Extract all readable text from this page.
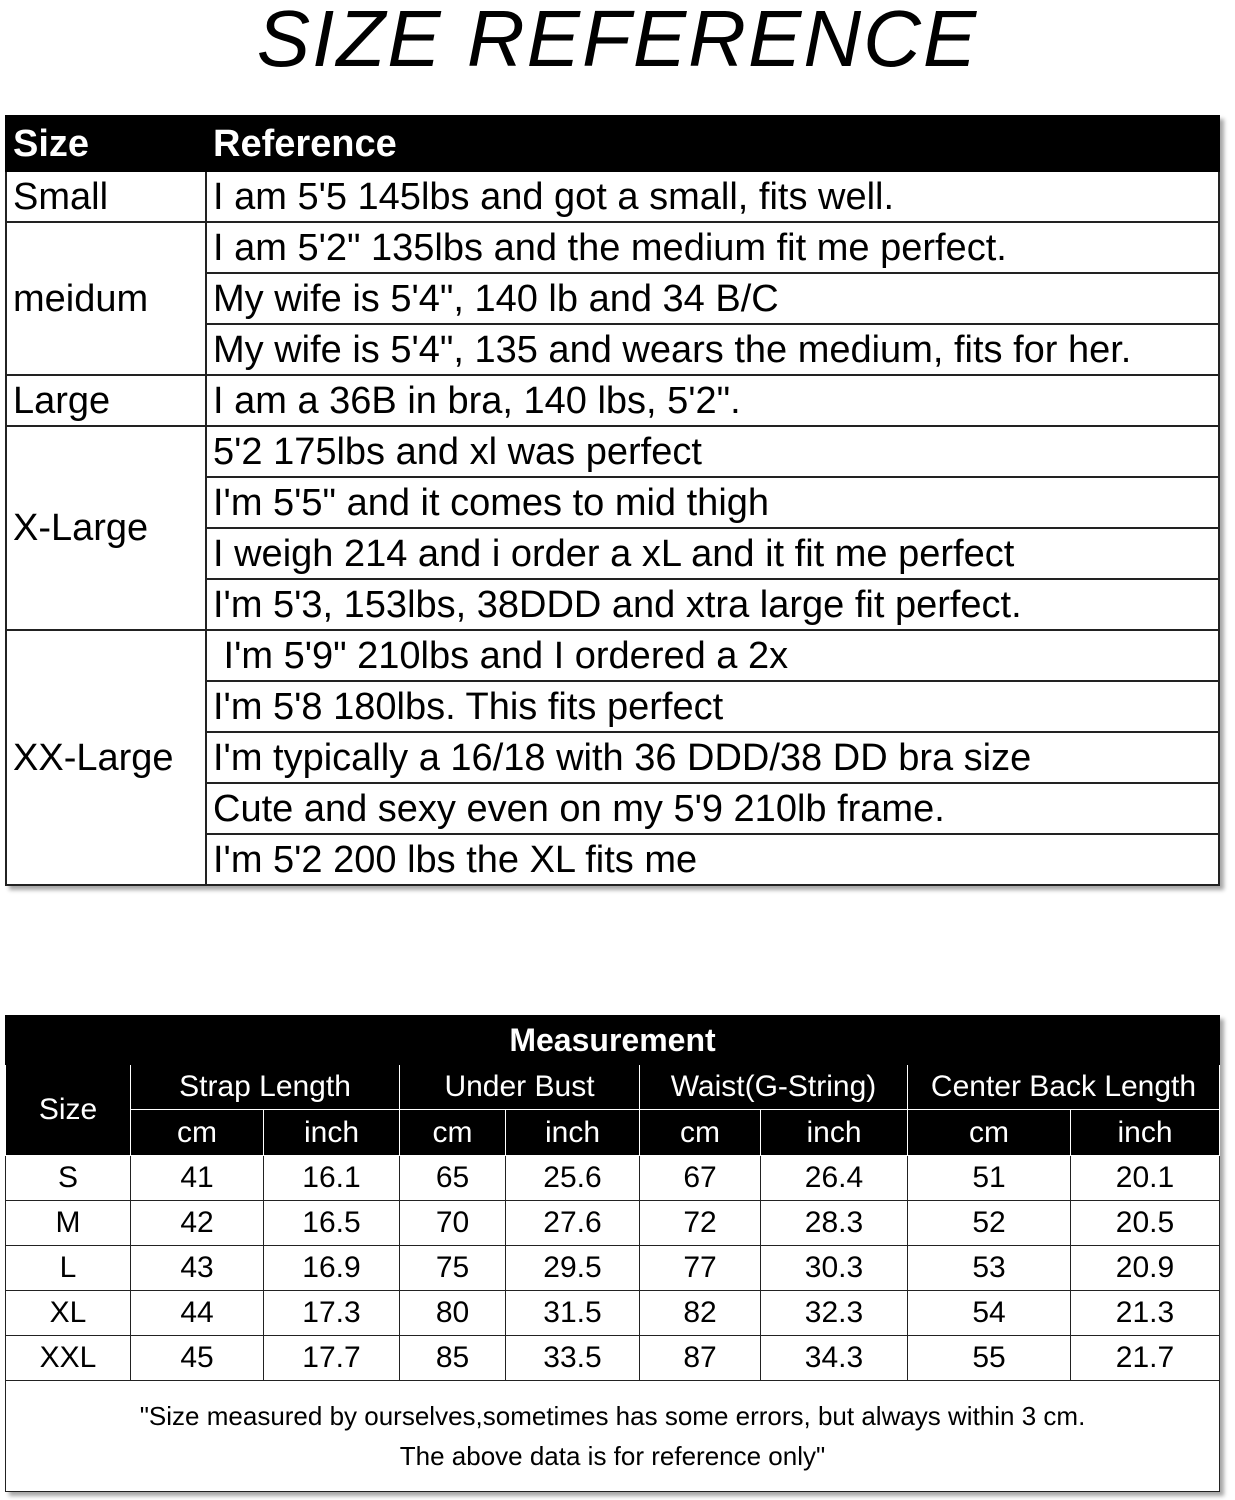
SIZE REFERENCE
Size	Reference
Small	I am 5'5 145lbs and got a small, fits well.
meidum	I am 5'2" 135lbs and the medium fit me perfect.
	My wife is 5'4", 140 lb and 34 B/C
	My wife is 5'4", 135 and wears the medium, fits for her.
Large	I am a 36B in bra, 140 lbs, 5'2".
X-Large	5'2 175lbs and xl was perfect
	I'm 5'5" and it comes to mid thigh
	I weigh 214 and i order a xL and it fit me perfect
	I'm 5'3, 153lbs, 38DDD and xtra large fit perfect.
XX-Large	I'm 5'9" 210lbs and I ordered a 2x
	I'm 5'8 180lbs. This fits perfect
	I'm typically a 16/18 with 36 DDD/38 DD bra size
	Cute and sexy even on my 5'9 210lb frame.
	I'm 5'2 200 lbs the XL fits me
Measurement								
Size	Strap Length		Under Bust		Waist(G-String)		Center Back Length	
	cm	inch	cm	inch	cm	inch	cm	inch
S	41	16.1	65	25.6	67	26.4	51	20.1
M	42	16.5	70	27.6	72	28.3	52	20.5
L	43	16.9	75	29.5	77	30.3	53	20.9
XL	44	17.3	80	31.5	82	32.3	54	21.3
XXL	45	17.7	85	33.5	87	34.3	55	21.7

"Size measured by ourselves,sometimes has some errors, but always within 3 cm.
The above data is for reference only"								
